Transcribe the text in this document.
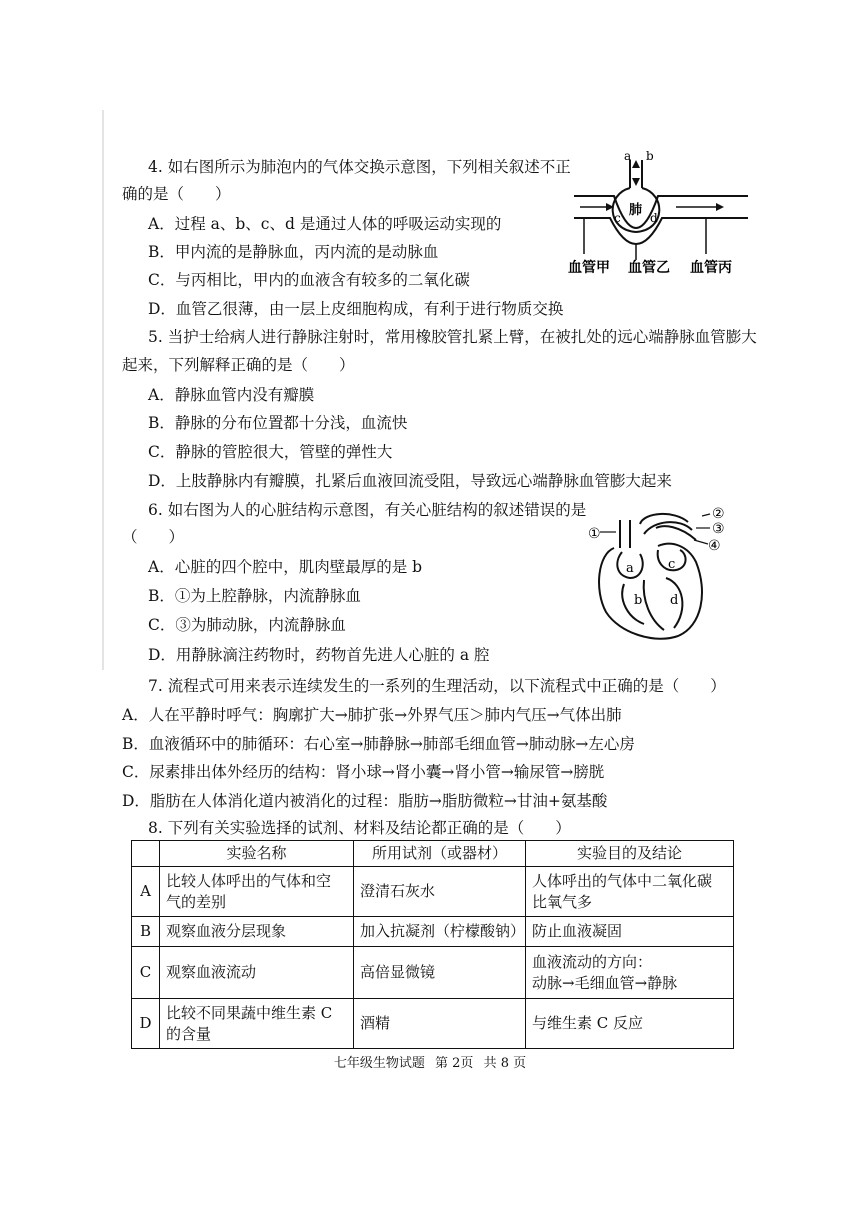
4. 如右图所示为肺泡内的气体交换示意图，下列相关叙述不正
确的是（　　）
A．过程 a、b、c、d 是通过人体的呼吸运动实现的
B．甲内流的是静脉血，丙内流的是动脉血
C．与丙相比，甲内的血液含有较多的二氧化碳
D．血管乙很薄，由一层上皮细胞构成，有利于进行物质交换
a b
c d
肺
血管甲 血管乙 血管丙
5. 当护士给病人进行静脉注射时，常用橡胶管扎紧上臂，在被扎处的远心端静脉血管膨大
起来，下列解释正确的是（　　）
A．静脉血管内没有瓣膜
B．静脉的分布位置都十分浅，血流快
C．静脉的管腔很大，管壁的弹性大
D．上肢静脉内有瓣膜，扎紧后血液回流受阻，导致远心端静脉血管膨大起来
6. 如右图为人的心脏结构示意图，有关心脏结构的叙述错误的是
（　　）
A．心脏的四个腔中，肌肉壁最厚的是 b
B．①为上腔静脉，内流静脉血
C．③为肺动脉，内流静脉血
D．用静脉滴注药物时，药物首先进人心脏的 a 腔
①
②
③
④
a	c
b d
7. 流程式可用来表示连续发生的一系列的生理活动，以下流程式中正确的是（　　）
A．人在平静时呼气：胸廓扩大→肺扩张→外界气压＞肺内气压→气体出肺
B．血液循环中的肺循环：右心室→肺静脉→肺部毛细血管→肺动脉→左心房
C．尿素排出体外经历的结构：肾小球→肾小囊→肾小管→输尿管→膀胱
D．脂肪在人体消化道内被消化的过程：脂肪→脂肪微粒→甘油+氨基酸
8. 下列有关实验选择的试剂、材料及结论都正确的是（　　）
	实验名称	所用试剂（或器材）	实验目的及结论
A	比较人体呼出的气体和空
气的差别	澄清石灰水	人体呼出的气体中二氧化碳
比氧气多
B	观察血液分层现象	加入抗凝剂（柠檬酸钠）	防止血液凝固
C	观察血液流动	高倍显微镜	血液流动的方向：
动脉→毛细血管→静脉
D	比较不同果蔬中维生素 C
的含量	酒精	与维生素 C 反应
七年级生物试题 第 2页 共 8 页
